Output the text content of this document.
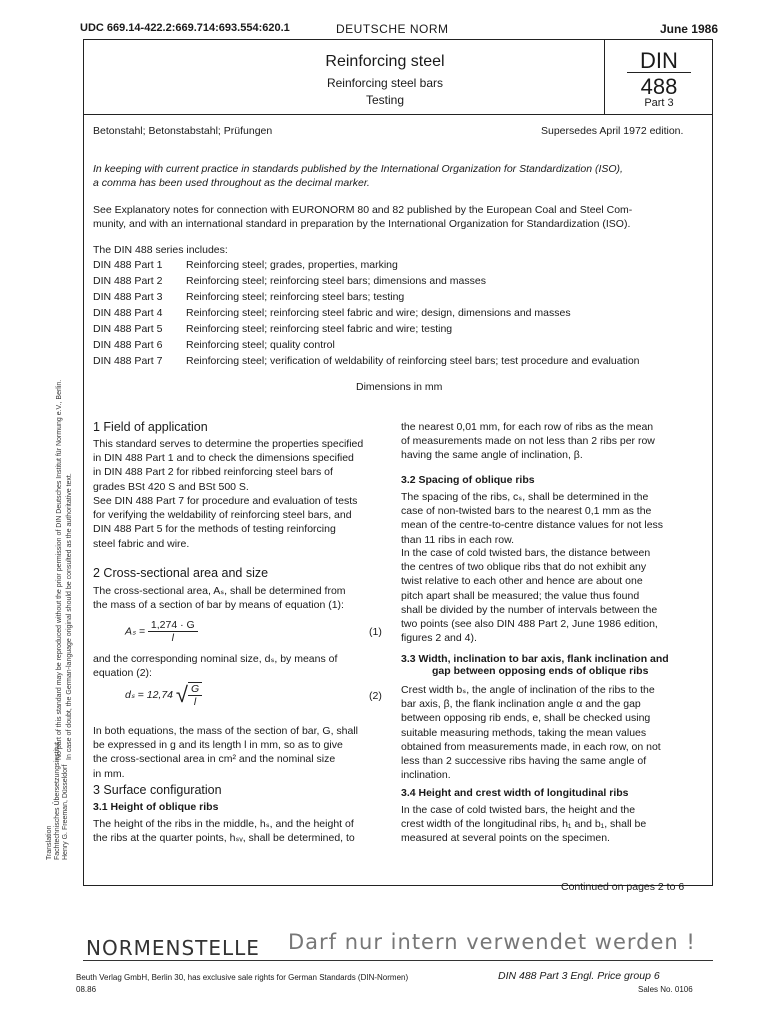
UDC 669.14-422.2:669.714:693.554:620.1	DEUTSCHE NORM	June 1986
Reinforcing steel
Reinforcing steel bars
Testing
DIN
488
Part 3
Betonstahl; Betonstabstahl; Prüfungen	Supersedes April 1972 edition.
In keeping with current practice in standards published by the International Organization for Standardization (ISO),
a comma has been used throughout as the decimal marker.
See Explanatory notes for connection with EURONORM 80 and 82 published by the European Coal and Steel Com-
munity, and with an international standard in preparation by the International Organization for Standardization (ISO).
The DIN 488 series includes:
DIN 488 Part 1 Reinforcing steel; grades, properties, marking
DIN 488 Part 2 Reinforcing steel; reinforcing steel bars; dimensions and masses
DIN 488 Part 3 Reinforcing steel; reinforcing steel bars; testing
DIN 488 Part 4 Reinforcing steel; reinforcing steel fabric and wire; design, dimensions and masses
DIN 488 Part 5 Reinforcing steel; reinforcing steel fabric and wire; testing
DIN 488 Part 6 Reinforcing steel; quality control
DIN 488 Part 7 Reinforcing steel; verification of weldability of reinforcing steel bars; test procedure and evaluation
Dimensions in mm
1 Field of application
This standard serves to determine the properties specified
in DIN 488 Part 1 and to check the dimensions specified
in DIN 488 Part 2 for ribbed reinforcing steel bars of
grades BSt 420 S and BSt 500 S.
See DIN 488 Part 7 for procedure and evaluation of tests
for verifying the weldability of reinforcing steel bars, and
DIN 488 Part 5 for the methods of testing reinforcing
steel fabric and wire.
2 Cross-sectional area and size
The cross-sectional area, Aₛ, shall be determined from
the mass of a section of bar by means of equation (1):
$A_s = \frac{1,274 \cdot G}{l}$	(1)
and the corresponding nominal size, dₛ, by means of
equation (2):
dₛ = 12,74 √ $\frac{G}{l}$	(2)
In both equations, the mass of the section of bar, G, shall
be expressed in g and its length l in mm, so as to give
the cross-sectional area in cm² and the nominal size
in mm.
3 Surface configuration
3.1 Height of oblique ribs
The height of the ribs in the middle, hₛ, and the height of
the ribs at the quarter points, hₛᵥ, shall be determined, to
the nearest 0,01 mm, for each row of ribs as the mean
of measurements made on not less than 2 ribs per row
having the same angle of inclination, β.
3.2 Spacing of oblique ribs
The spacing of the ribs, cₛ, shall be determined in the
case of non-twisted bars to the nearest 0,1 mm as the
mean of the centre-to-centre distance values for not less
than 11 ribs in each row.
In the case of cold twisted bars, the distance between
the centres of two oblique ribs that do not exhibit any
twist relative to each other and hence are about one
pitch apart shall be measured; the value thus found
shall be divided by the number of intervals between the
two points (see also DIN 488 Part 2, June 1986 edition,
figures 2 and 4).
3.3 Width, inclination to bar axis, flank inclination and
gap between opposing ends of oblique ribs
Crest width bₛ, the angle of inclination of the ribs to the
bar axis, β, the flank inclination angle α and the gap
between opposing rib ends, e, shall be checked using
suitable measuring methods, taking the mean values
obtained from measurements made, in each row, on not
less than 2 successive ribs having the same angle of
inclination.
3.4 Height and crest width of longitudinal ribs
In the case of cold twisted bars, the height and the
crest width of the longitudinal ribs, h₁ and b₁, shall be
measured at several points on the specimen.
Continued on pages 2 to 6
No part of this standard may be reproduced without the prior permission of DIN Deutsches Institut für Normung e.V., Berlin. In case of doubt, the German-language original should be consulted as the authoritative text.
Translation Fachtechnisches Übersetzungsinstitut Henry G. Freeman, Düsseldorf
NORMENSTELLE Darf nur intern verwendet werden !
Beuth Verlag GmbH, Berlin 30, has exclusive sale rights for German Standards (DIN-Normen)
08.86
DIN 488 Part 3 Engl. Price group 6
Sales No. 0106
